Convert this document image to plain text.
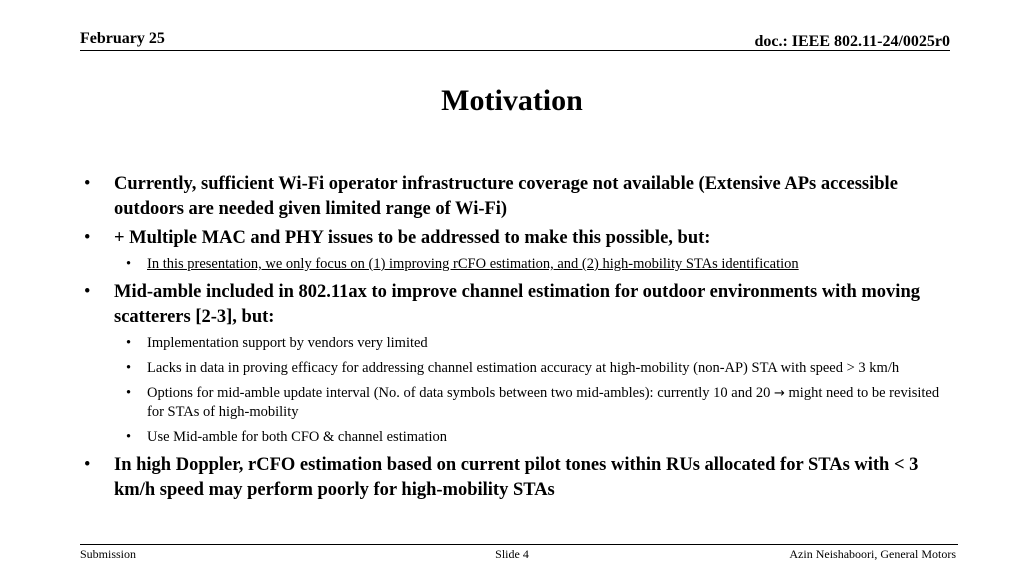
February 25	doc.: IEEE 802.11-24/0025r0
Motivation
• Currently, sufficient Wi-Fi operator infrastructure coverage not available (Extensive APs accessible outdoors are needed given limited range of Wi-Fi)
• + Multiple MAC and PHY issues to be addressed to make this possible, but:
• In this presentation, we only focus on (1) improving rCFO estimation, and (2) high-mobility STAs identification
• Mid-amble included in 802.11ax to improve channel estimation for outdoor environments with moving scatterers [2-3], but:
• Implementation support by vendors very limited
• Lacks in data in proving efficacy for addressing channel estimation accuracy at high-mobility (non-AP) STA with speed > 3 km/h
• Options for mid-amble update interval (No. of data symbols between two mid-ambles): currently 10 and 20 → might need to be revisited for STAs of high-mobility
• Use Mid-amble for both CFO & channel estimation
• In high Doppler, rCFO estimation based on current pilot tones within RUs allocated for STAs with < 3 km/h speed may perform poorly for high-mobility STAs
Submission	Slide 4	Azin Neishaboori, General Motors
